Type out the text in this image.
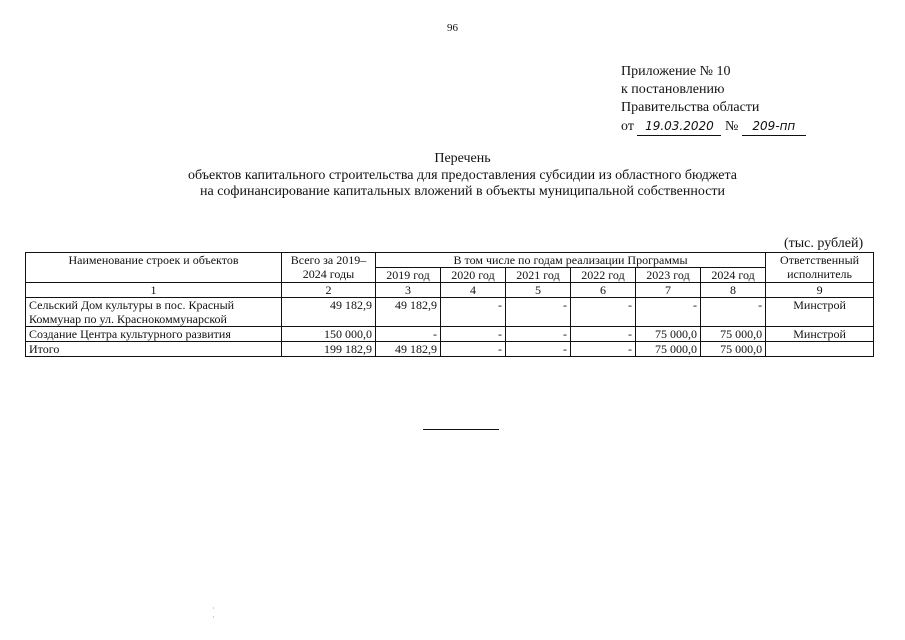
96
Приложение № 10
к постановлению
Правительства области
от 19.03.2020 № 209-пп
Перечень
объектов капитального строительства для предоставления субсидии из областного бюджета
на софинансирование капитальных вложений в объекты муниципальной собственности
(тыс. рублей)
Наименование строек и объектов	Всего за 2019–2024 годы	В том числе по годам реализации Программы						Ответственный исполнитель
		2019 год	2020 год	2021 год	2022 год	2023 год	2024 год	
1	2	3	4	5	6	7	8	9
Сельский Дом культуры в пос. Красный Коммунар по ул. Краснокоммунарской	49 182,9	49 182,9	-	-	-	-	-	Минстрой
Создание Центра культурного развития	150 000,0	-	-	-	-	75 000,0	75 000,0	Минстрой
Итого	199 182,9	49 182,9	-	-	-	75 000,0	75 000,0	
·
·
